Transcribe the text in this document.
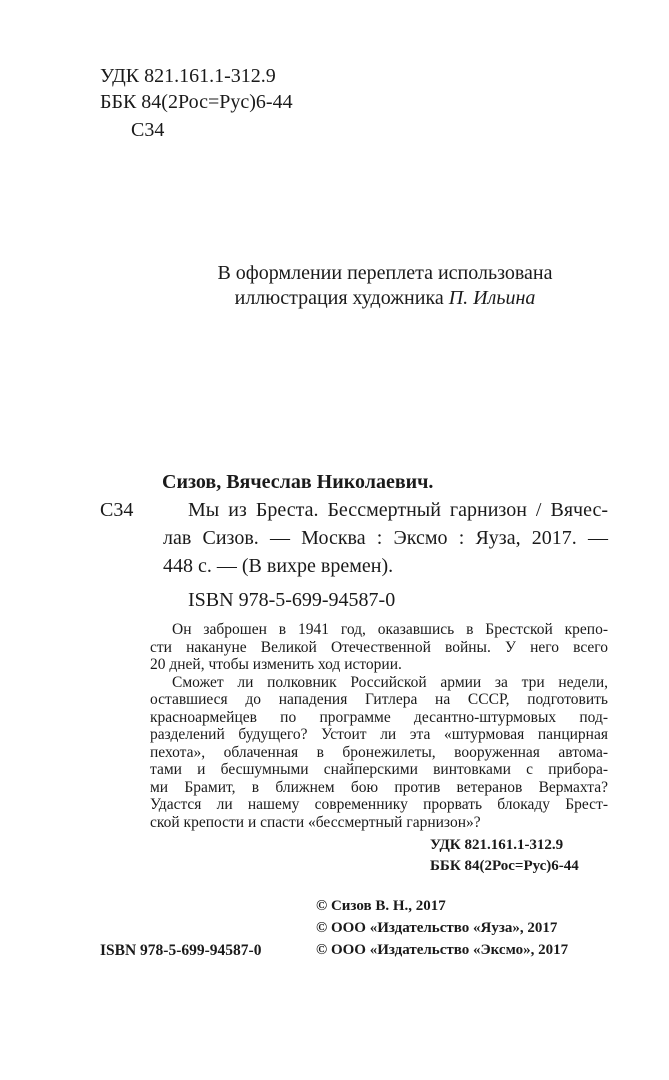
УДК 821.161.1-312.9
ББК 84(2Рос=Рус)6-44
С34
В оформлении переплета использована
иллюстрация художника П. Ильина
Сизов, Вячеслав Николаевич.
С34	Мы из Бреста. Бессмертный гарнизон / Вячес-
лав Сизов. — Москва : Эксмо : Яуза, 2017. —
448 с. — (В вихре времен).
ISBN 978-5-699-94587-0
Он заброшен в 1941 год, оказавшись в Брестской крепо-
сти накануне Великой Отечественной войны. У него всего
20 дней, чтобы изменить ход истории.
Сможет ли полковник Российской армии за три недели,
оставшиеся до нападения Гитлера на СССР, подготовить
красноармейцев по программе десантно-штурмовых под-
разделений будущего? Устоит ли эта «штурмовая панцирная
пехота», облаченная в бронежилеты, вооруженная автома-
тами и бесшумными снайперскими винтовками с прибора-
ми Брамит, в ближнем бою против ветеранов Вермахта?
Удастся ли нашему современнику прорвать блокаду Брест-
ской крепости и спасти «бессмертный гарнизон»?
УДК 821.161.1-312.9
ББК 84(2Рос=Рус)6-44
© Сизов В. Н., 2017
© ООО «Издательство «Яуза», 2017
© ООО «Издательство «Эксмо», 2017
ISBN 978-5-699-94587-0
